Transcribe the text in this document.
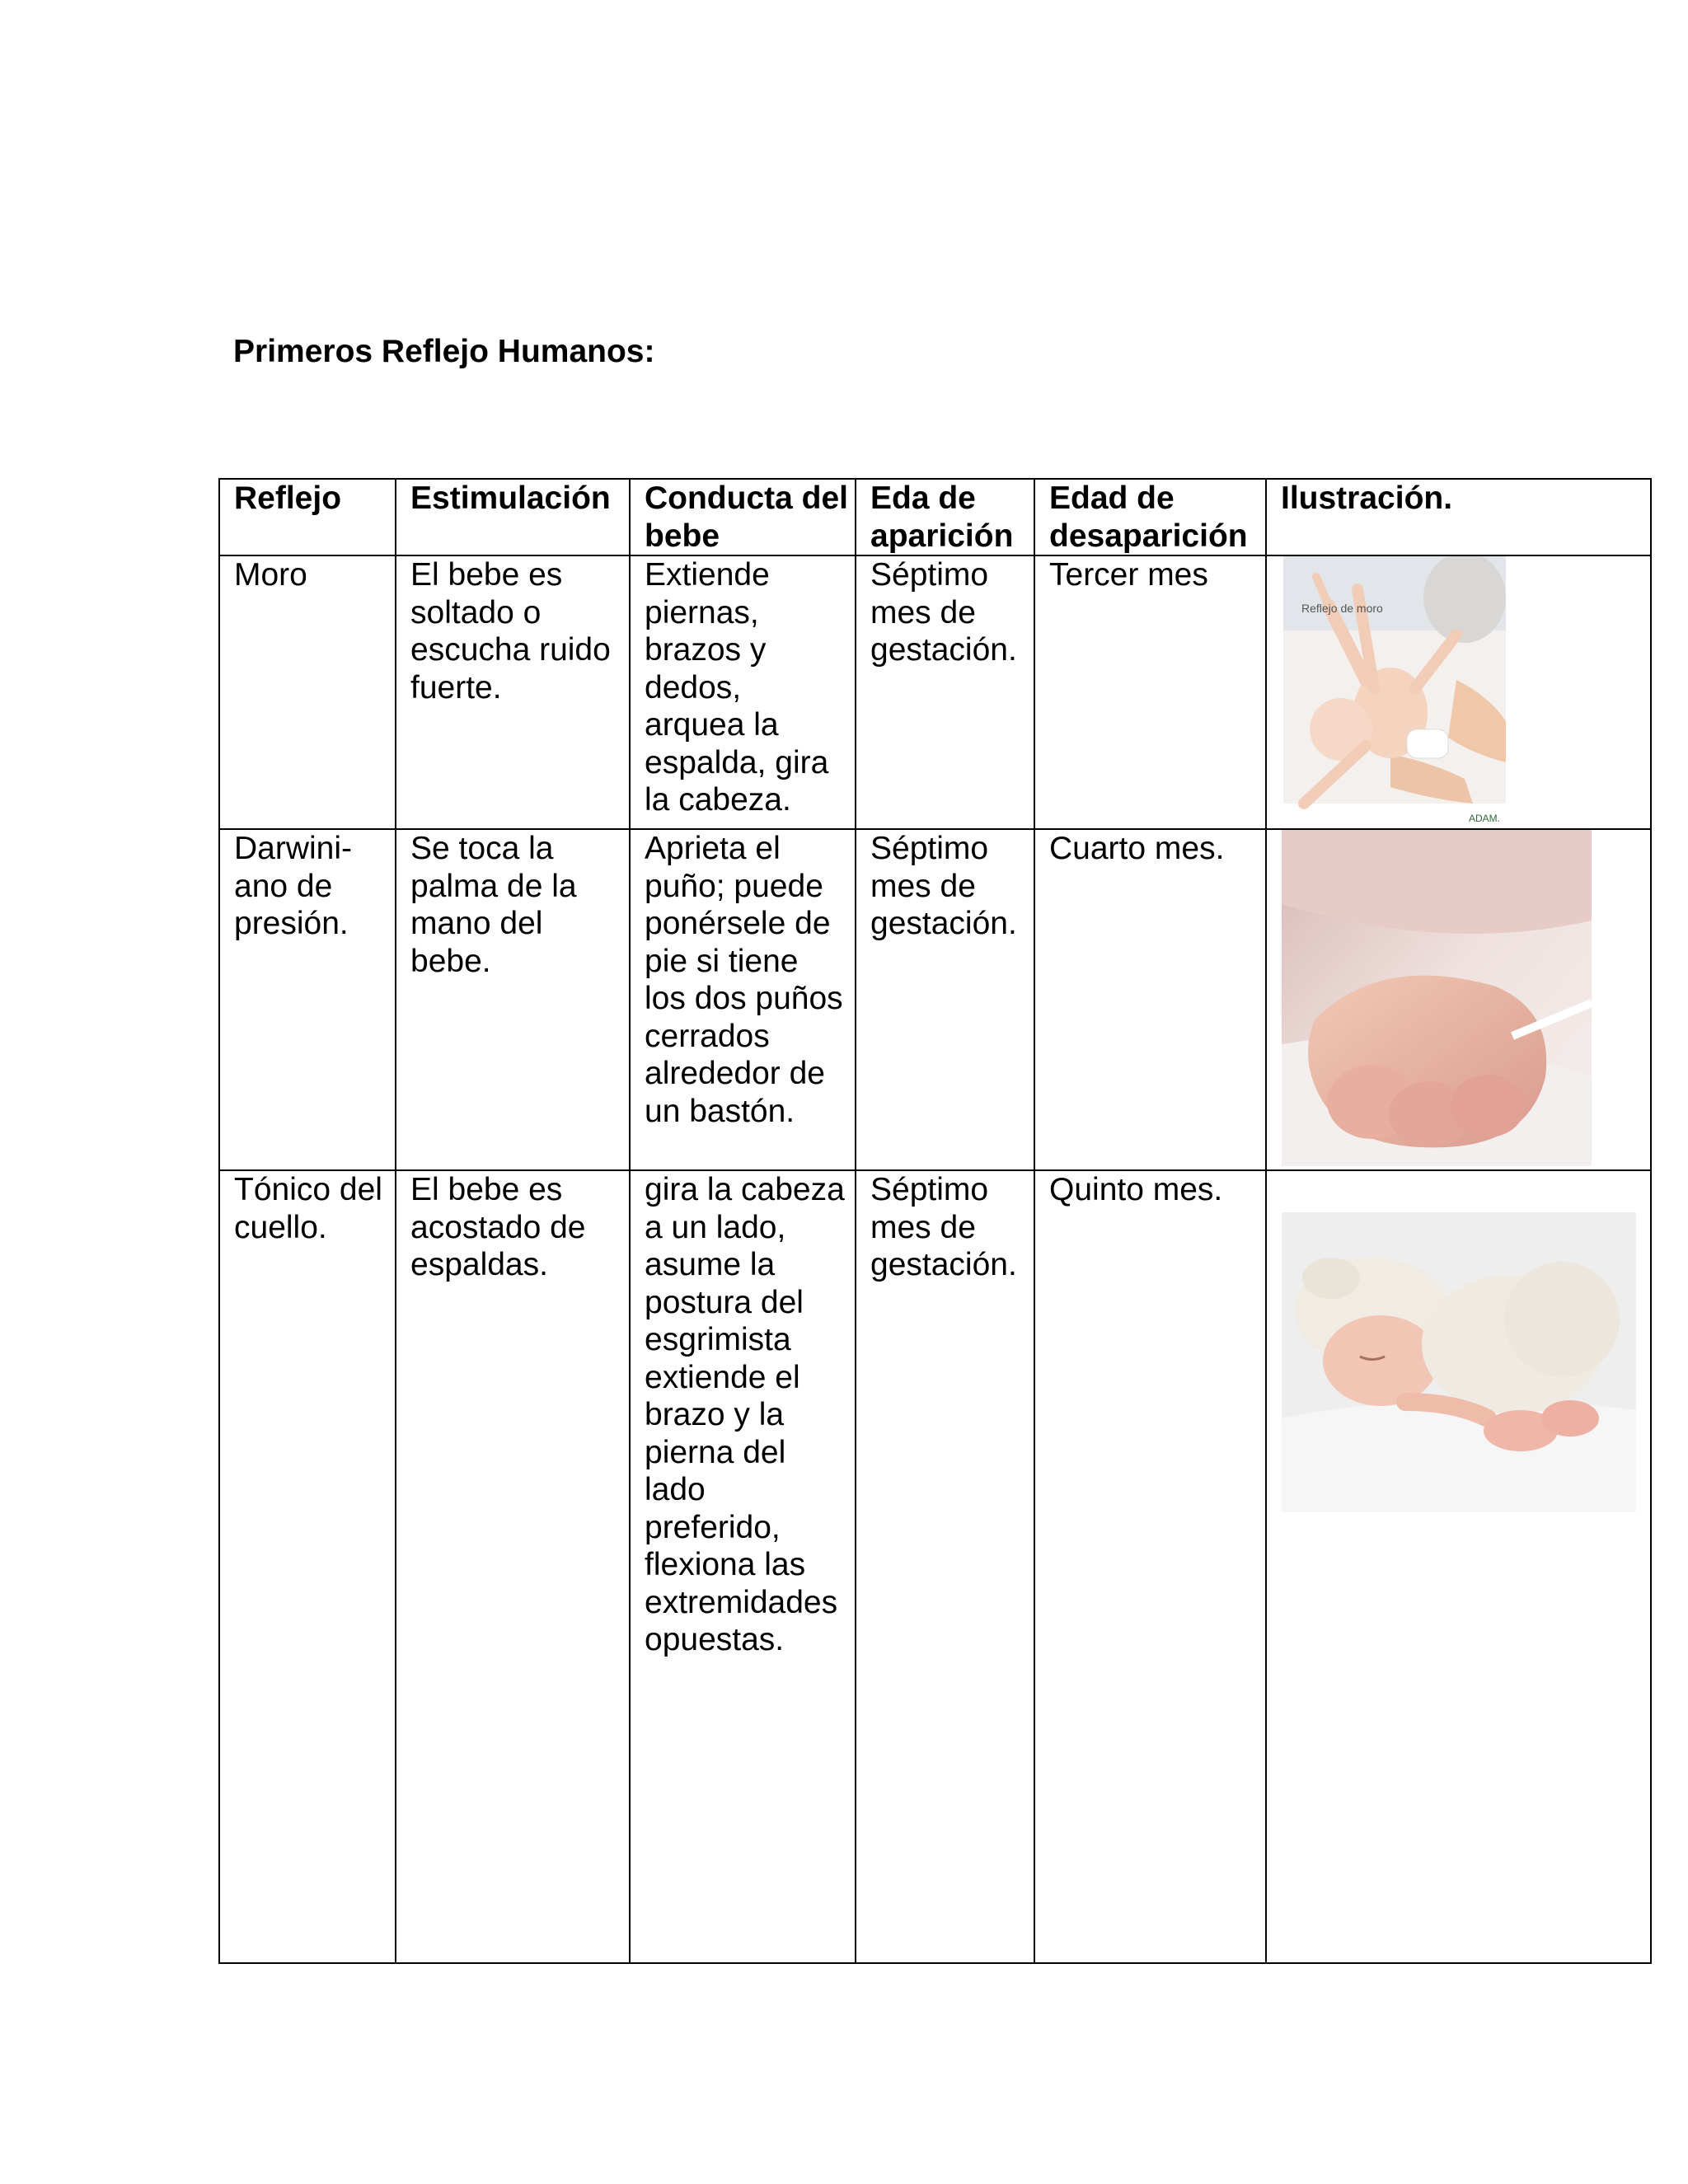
Primeros Reflejo Humanos:
Reflejo	Estimulación	Conducta del bebe	Eda de aparición	Edad de desaparición	Ilustración.
Moro	El bebe es soltado o escucha ruido fuerte.	Extiende piernas, brazos y dedos, arquea la espalda, gira la cabeza.	Séptimo mes de gestación.	Tercer mes	Reflejo de moro
ADAM.

Darwini-ano de presión.	Se toca la palma de la mano del bebe.	Aprieta el puño; puede ponérsele de pie si tiene los dos puños cerrados alrededor de un bastón.	Séptimo mes de gestación.	Cuarto mes.	

Tónico del cuello.	El bebe es acostado de espaldas.	gira la cabeza a un lado, asume la postura del esgrimista extiende el brazo y la pierna del lado preferido, flexiona las extremidades opuestas.	Séptimo mes de gestación.	Quinto mes.	
